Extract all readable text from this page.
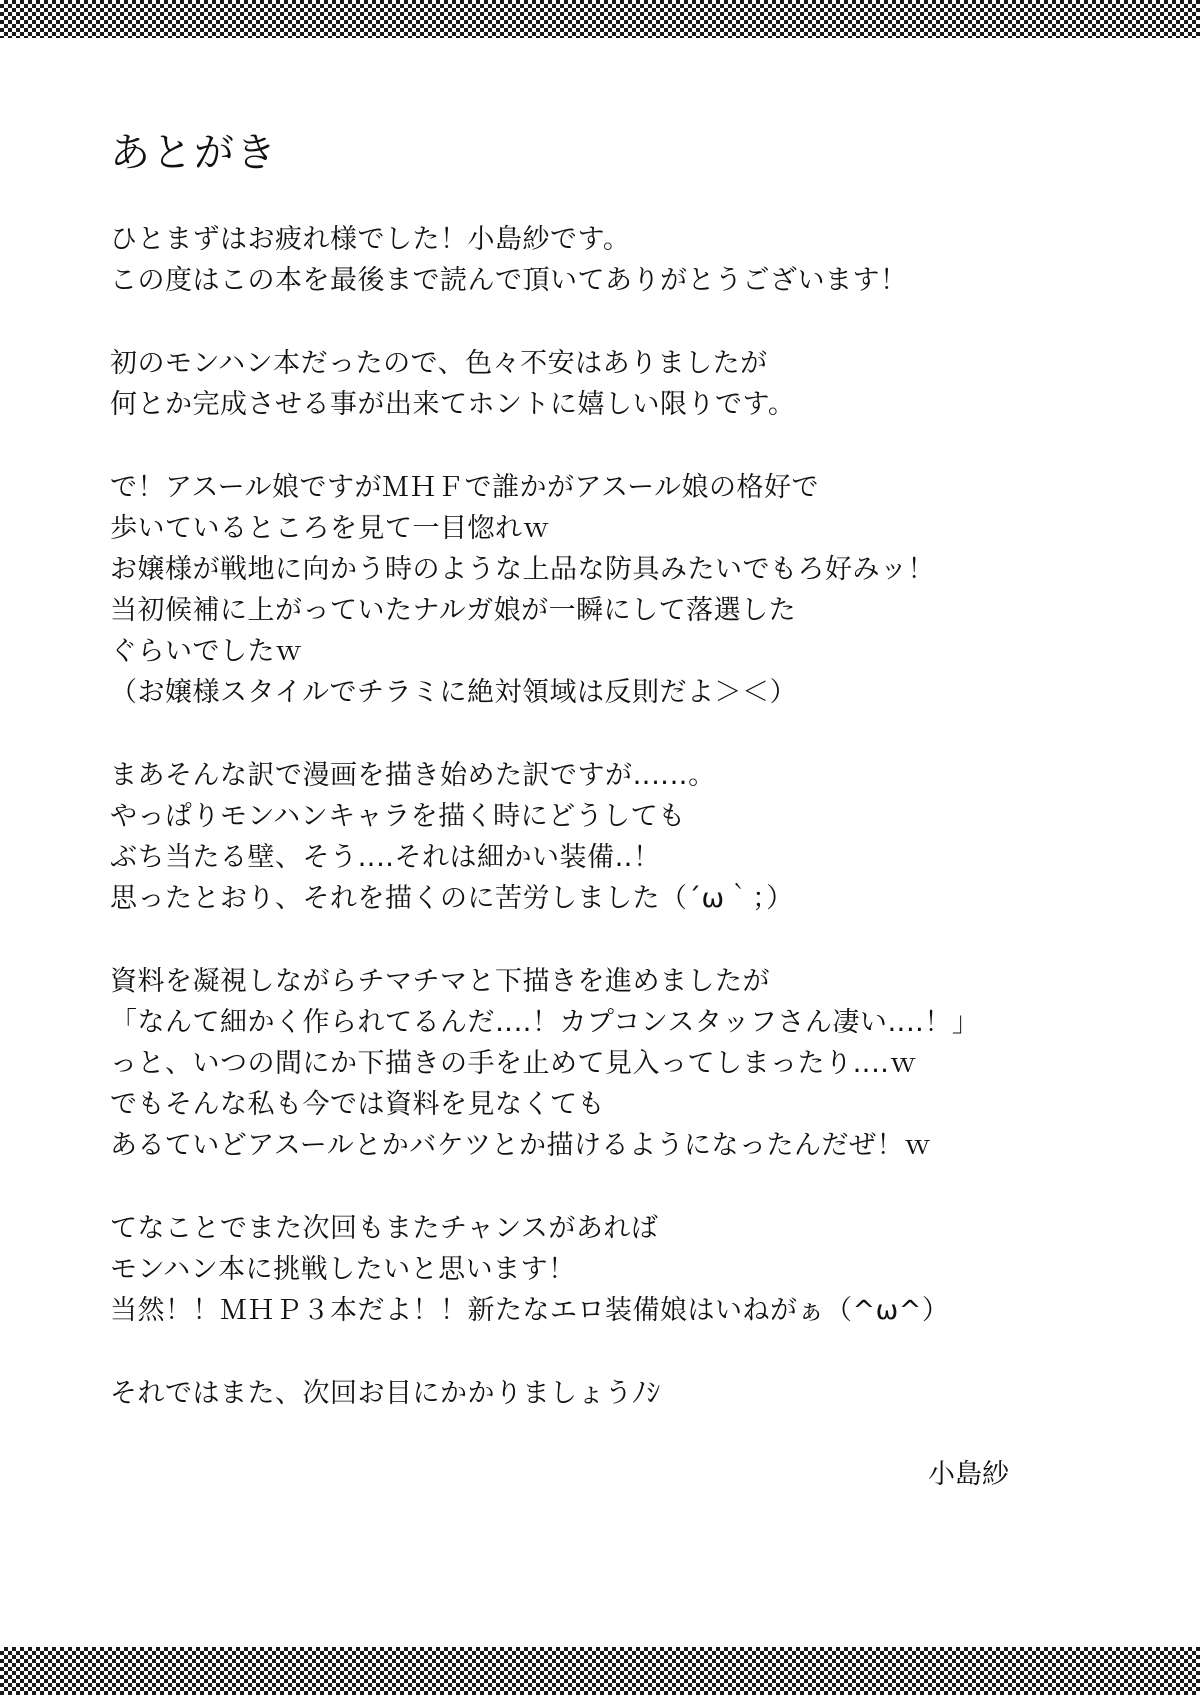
あとがき
ひとまずはお疲れ様でした！小島紗です。
この度はこの本を最後まで読んで頂いてありがとうございます！
初のモンハン本だったので、色々不安はありましたが
何とか完成させる事が出来てホントに嬉しい限りです。
で！アスール娘ですがＭＨＦで誰かがアスール娘の格好で
歩いているところを見て一目惚れｗ
お嬢様が戦地に向かう時のような上品な防具みたいでもろ好みッ！
当初候補に上がっていたナルガ娘が一瞬にして落選した
ぐらいでしたｗ
（お嬢様スタイルでチラミに絶対領域は反則だよ＞＜）
まあそんな訳で漫画を描き始めた訳ですが‥‥‥。
やっぱりモンハンキャラを描く時にどうしても
ぶち当たる壁、そう‥‥それは細かい装備‥！
思ったとおり、それを描くのに苦労しました（´ω｀；）
資料を凝視しながらチマチマと下描きを進めましたが
「なんて細かく作られてるんだ‥‥！カプコンスタッフさん凄い‥‥！」
っと、いつの間にか下描きの手を止めて見入ってしまったり‥‥ｗ
でもそんな私も今では資料を見なくても
あるていどアスールとかバケツとか描けるようになったんだぜ！ｗ
てなことでまた次回もまたチャンスがあれば
モンハン本に挑戦したいと思います！
当然！！ＭＨＰ３本だよ！！新たなエロ装備娘はいねがぁ（^ω^）
それではまた、次回お目にかかりましょうﾉｼ
小島紗
